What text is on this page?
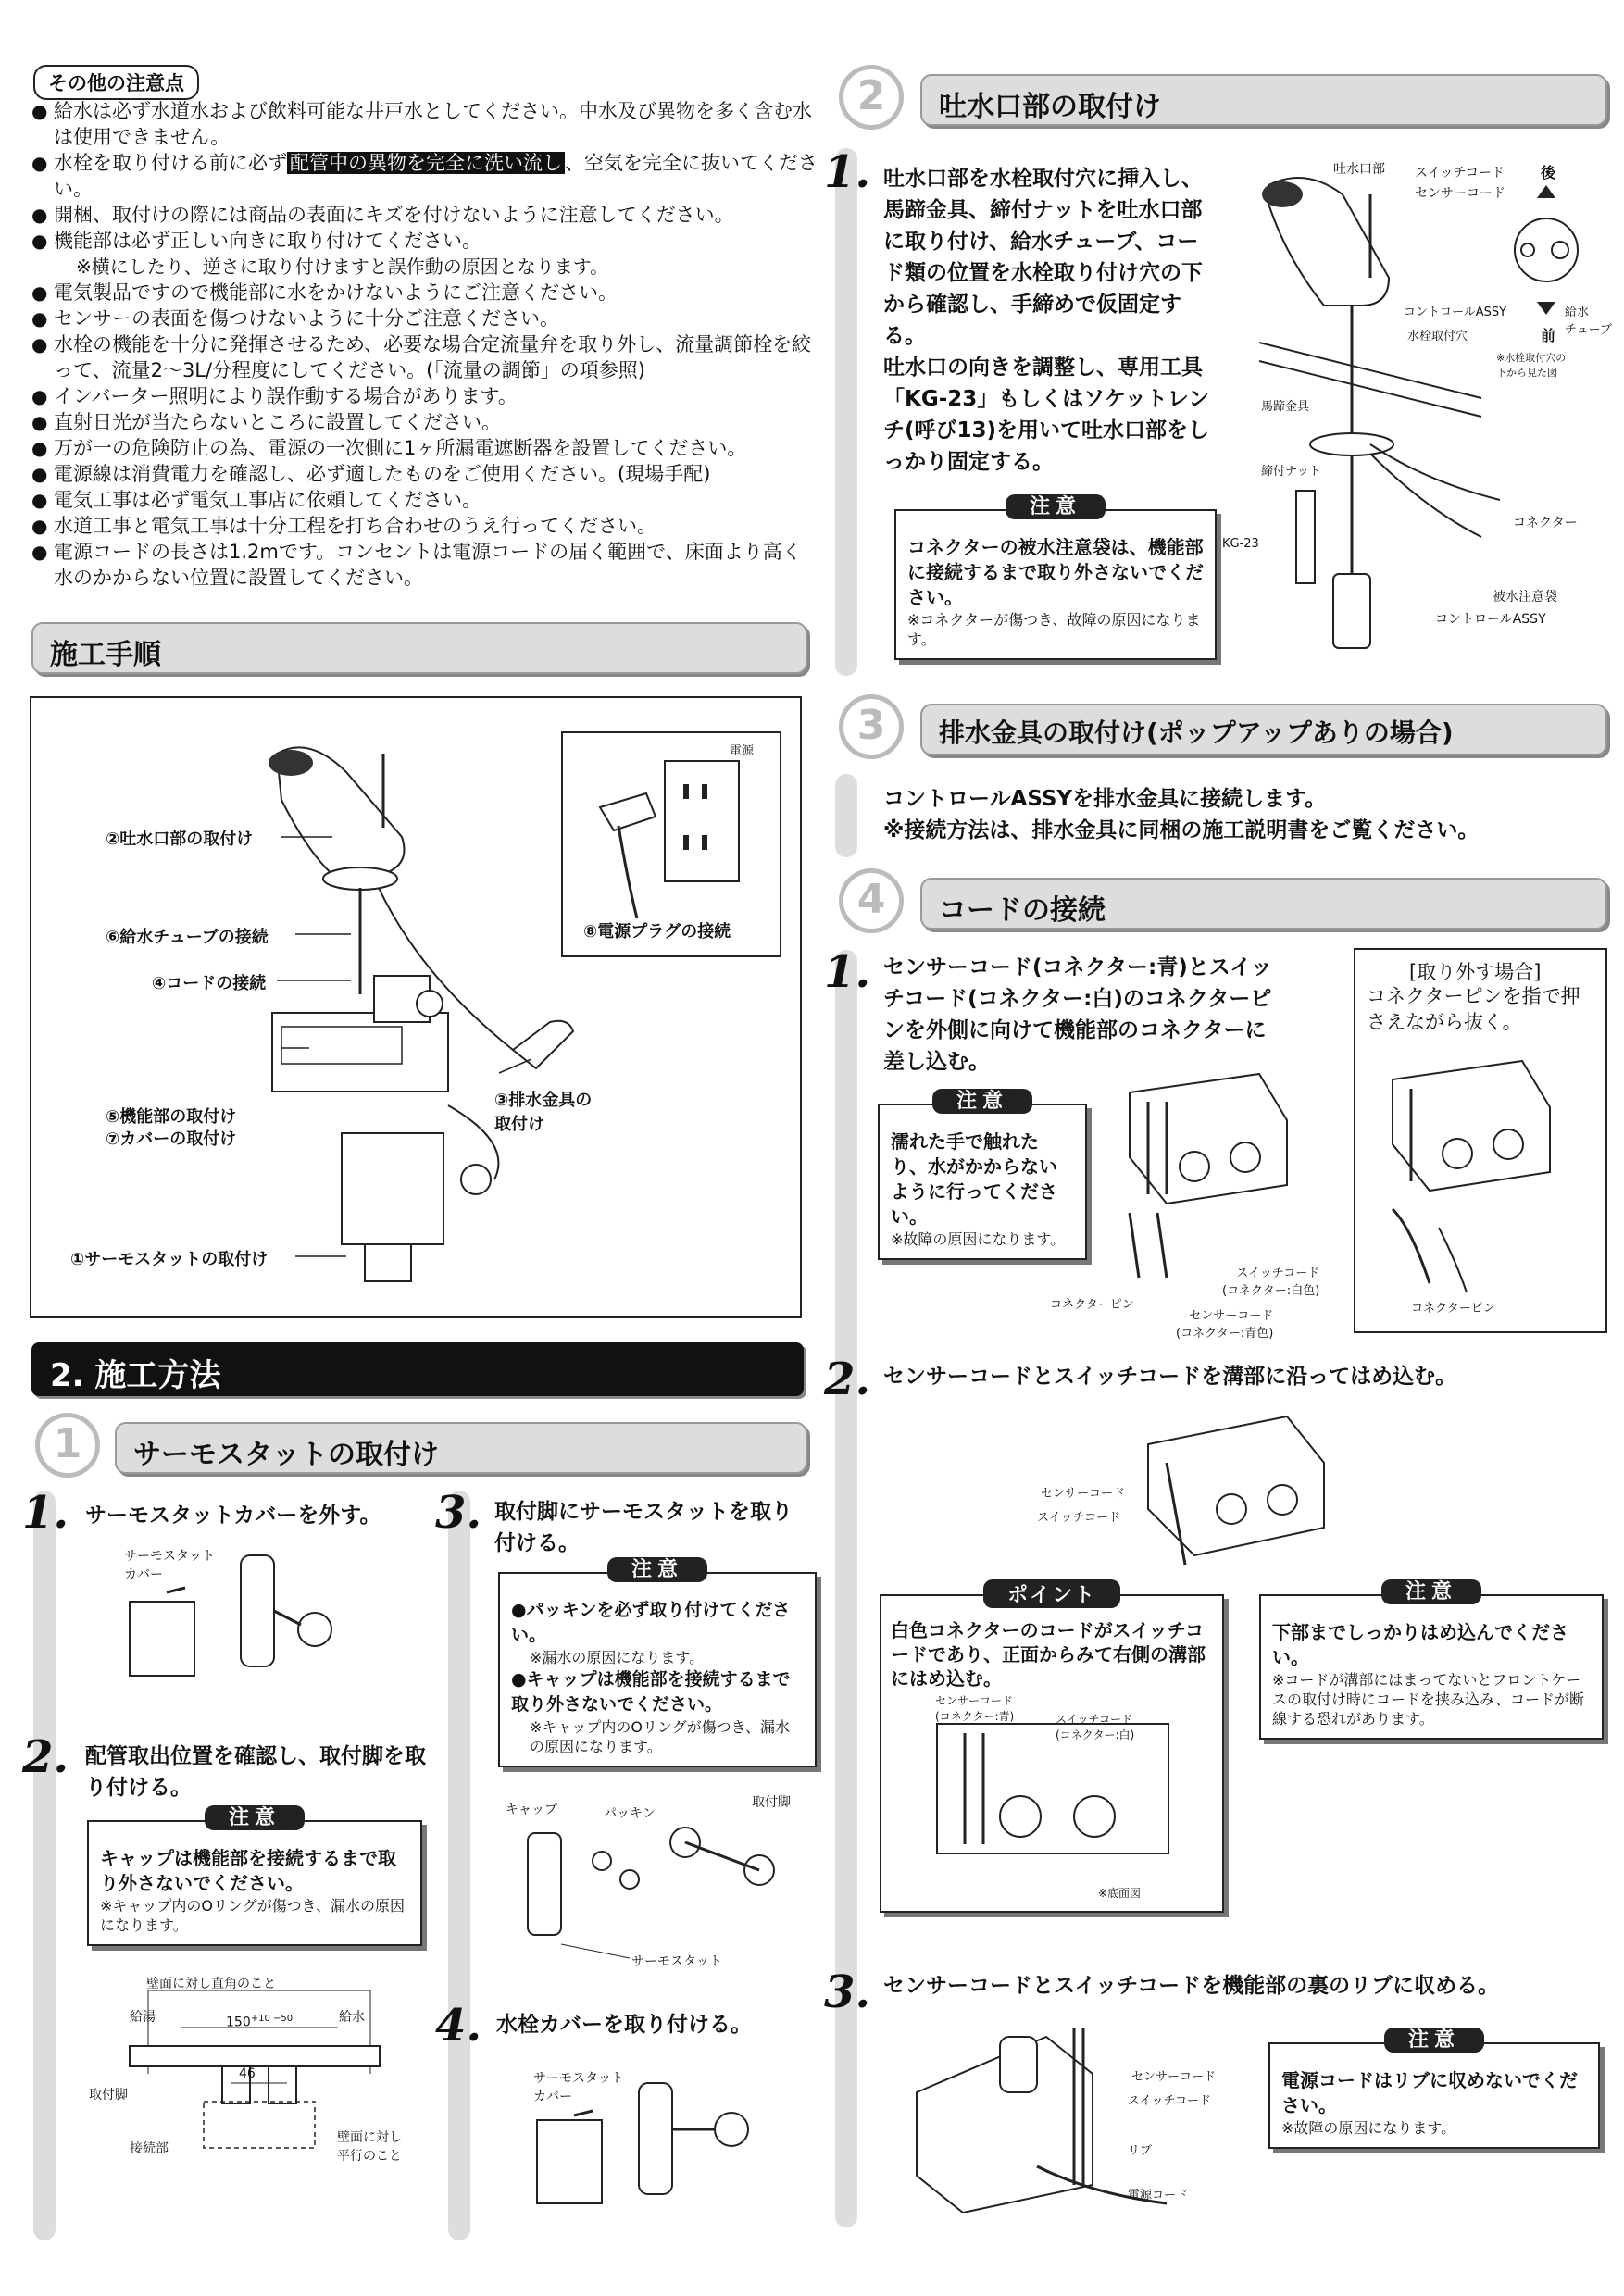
その他の注意点
● 給水は必ず水道水および飲料可能な井戸水としてください。中水及び異物を多く含む水は使用できません。
● 水栓を取り付ける前に必ず 配管中の異物を完全に洗い流し 、空気を完全に抜いてください。
● 開梱、取付けの際には商品の表面にキズを付けないように注意してください。
● 機能部は必ず正しい向きに取り付けてください。
※横にしたり、逆さに取り付けますと誤作動の原因となります。
● 電気製品ですので機能部に水をかけないようにご注意ください。
● センサーの表面を傷つけないように十分ご注意ください。
● 水栓の機能を十分に発揮させるため、必要な場合定流量弁を取り外し、流量調節栓を絞って、流量2〜3L/分程度にしてください。(「流量の調節」の項参照)
● インバーター照明により誤作動する場合があります。
● 直射日光が当たらないところに設置してください。
● 万が一の危険防止の為、電源の一次側に1ヶ所漏電遮断器を設置してください。
● 電源線は消費電力を確認し、必ず適したものをご使用ください。(現場手配)
● 電気工事は必ず電気工事店に依頼してください。
● 水道工事と電気工事は十分工程を打ち合わせのうえ行ってください。
● 電源コードの長さは1.2mです。コンセントは電源コードの届く範囲で、床面より高く水のかからない位置に設置してください。
施工手順
②吐水口部の取付け
⑥給水チューブの接続
④コードの接続
⑤機能部の取付け
⑦カバーの取付け
①サーモスタットの取付け
③排水金具の
取付け
電源
⑧電源プラグの接続
2. 施工方法
サーモスタットの取付け
1
1. サーモスタットカバーを外す。
サーモスタット
カバー
2. 配管取出位置を確認し、取付脚を取り付ける。
注意
キャップは機能部を接続するまで取り外さないでください。
※キャップ内のOリングが傷つき、漏水の原因になります。
壁面に対し直角のこと
給湯	給水
$150^{+10 -50}$
46
取付脚
接続部
壁面に対し
平行のこと
3. 取付脚にサーモスタットを取り付ける。
注意
●パッキンを必ず取り付けてください。
※漏水の原因になります。
●キャップは機能部を接続するまで取り外さないでください。
※キャップ内のOリングが傷つき、漏水の原因になります。
キャップ	パッキン
取付脚
サーモスタット
4. 水栓カバーを取り付ける。
サーモスタット
カバー
吐水口部の取付け
2
1. 吐水口部を水栓取付穴に挿入し、馬蹄金具、締付ナットを吐水口部に取り付け、給水チューブ、コード類の位置を水栓取り付け穴の下から確認し、手締めで仮固定する。
吐水口の向きを調整し、専用工具「KG-23」もしくはソケットレンチ(呼び13)を用いて吐水口部をしっかり固定する。
注意
コネクターの被水注意袋は、機能部に接続するまで取り外さないでください。
※コネクターが傷つき、故障の原因になります。
吐水口部 スイッチコード
センサーコード
後
前
コントロールASSY
水栓取付穴
給水
チューブ
※水栓取付穴の
下から見た図
馬蹄金具
締付ナット
KG-23
コネクター
被水注意袋
コントロールASSY
排水金具の取付け(ポップアップありの場合)
3
コントロールASSYを排水金具に接続します。
※接続方法は、排水金具に同梱の施工説明書をご覧ください。
コードの接続
4
1. センサーコード(コネクター:青)とスイッチコード(コネクター:白)のコネクターピンを外側に向けて機能部のコネクターに差し込む。
注意
濡れた手で触れたり、水がかからないように行ってください。
※故障の原因になります。
スイッチコード
(コネクター:白色)
コネクターピン
センサーコード
(コネクター:青色)
[取り外す場合]
コネクターピンを指で押さえながら抜く。
コネクターピン
2. センサーコードとスイッチコードを溝部に沿ってはめ込む。
センサーコード
スイッチコード
ポイント
白色コネクターのコードがスイッチコードであり、正面からみて右側の溝部にはめ込む。
センサーコード
(コネクター:青)	スイッチコード
(コネクター:白)
※底面図
注意
下部までしっかりはめ込んでください。
※コードが溝部にはまってないとフロントケースの取付け時にコードを挟み込み、コードが断線する恐れがあります。
3. センサーコードとスイッチコードを機能部の裏のリブに収める。
センサーコード
スイッチコード
リブ
電源コード
注意
電源コードはリブに収めないでください。
※故障の原因になります。
